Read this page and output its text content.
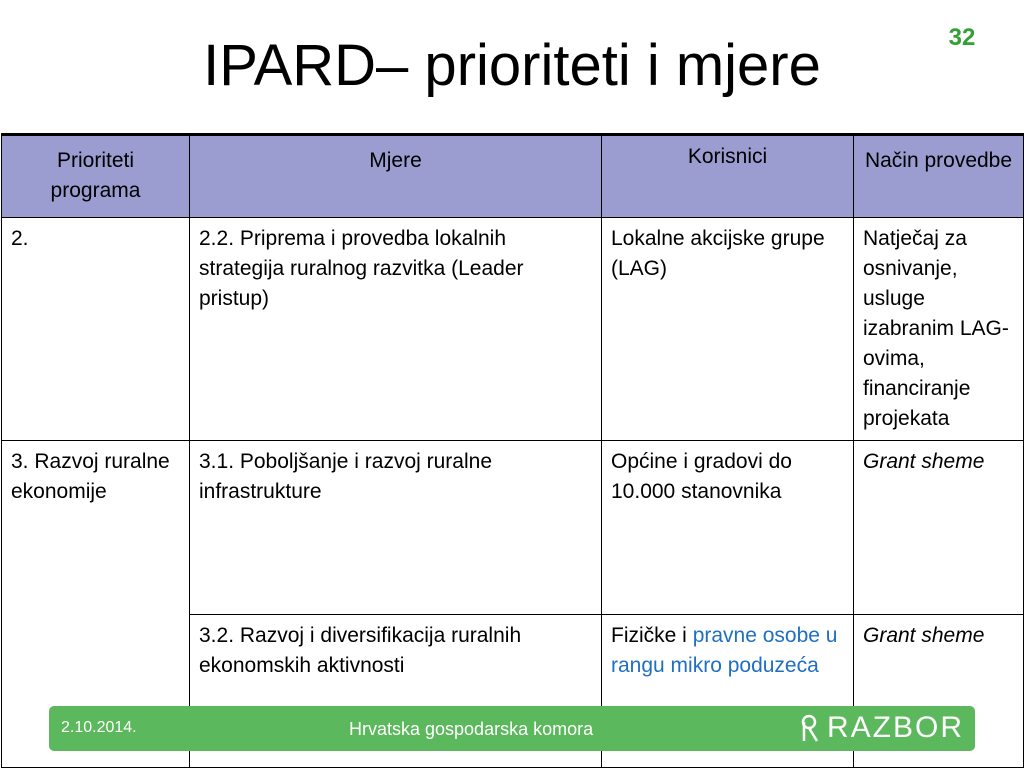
IPARD– prioriteti i mjere	32
Prioriteti programa	Mjere	Korisnici	Način provedbe
2.	2.2. Priprema i provedba lokalnih strategija ruralnog razvitka (Leader pristup)	Lokalne akcijske grupe (LAG)	Natječaj za osnivanje, usluge izabranim LAG-ovima, financiranje projekata
3. Razvoj ruralne ekonomije	3.1. Poboljšanje i razvoj ruralne infrastrukture	Općine i gradovi do 10.000 stanovnika	Grant sheme
	3.2. Razvoj i diversifikacija ruralnih ekonomskih aktivnosti	Fizičke i pravne osobe u rangu mikro poduzeća	Grant sheme
2.10.2014.	Hrvatska gospodarska komora	RAZBOR
